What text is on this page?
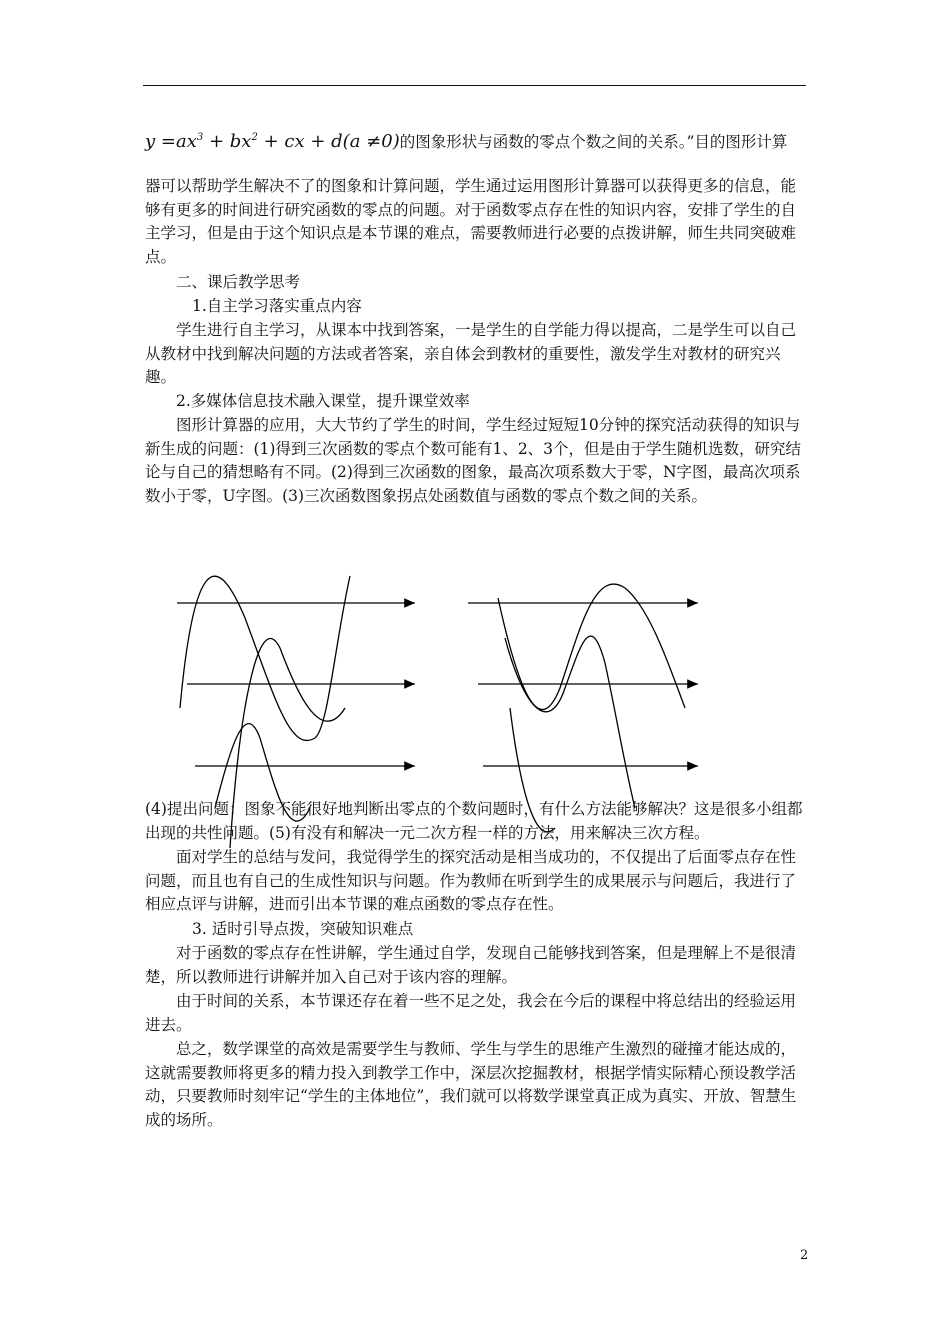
$y =ax^3 + bx^2$ + cx + d(a ≠0)的图象形状与函数的零点个数之间的关系。”目的图形计算

器可以帮助学生解决不了的图象和计算问题，学生通过运用图形计算器可以获得更多的信息，能够有更多的时间进行研究函数的零点的问题。对于函数零点存在性的知识内容，安排了学生的自主学习，但是由于这个知识点是本节课的难点，需要教师进行必要的点拨讲解，师生共同突破难点。

二、课后教学思考

1.自主学习落实重点内容

学生进行自主学习，从课本中找到答案，一是学生的自学能力得以提高，二是学生可以自己从教材中找到解决问题的方法或者答案，亲自体会到教材的重要性，激发学生对教材的研究兴趣。

2.多媒体信息技术融入课堂，提升课堂效率

图形计算器的应用，大大节约了学生的时间，学生经过短短10分钟的探究活动获得的知识与新生成的问题：(1)得到三次函数的零点个数可能有1、2、3个，但是由于学生随机选数，研究结论与自己的猜想略有不同。(2)得到三次函数的图象，最高次项系数大于零，N字图，最高次项系数小于零，U字图。(3)三次函数图象拐点处函数值与函数的零点个数之间的关系。

(4)提出问题：图象不能很好地判断出零点的个数问题时，有什么方法能够解决？这是很多小组都出现的共性问题。(5)有没有和解决一元二次方程一样的方法，用来解决三次方程。

面对学生的总结与发问，我觉得学生的探究活动是相当成功的，不仅提出了后面零点存在性问题，而且也有自己的生成性知识与问题。作为教师在听到学生的成果展示与问题后，我进行了相应点评与讲解，进而引出本节课的难点函数的零点存在性。

3. 适时引导点拨，突破知识难点

对于函数的零点存在性讲解，学生通过自学，发现自己能够找到答案，但是理解上不是很清楚，所以教师进行讲解并加入自己对于该内容的理解。

由于时间的关系，本节课还存在着一些不足之处，我会在今后的课程中将总结出的经验运用进去。

总之，数学课堂的高效是需要学生与教师、学生与学生的思维产生激烈的碰撞才能达成的，这就需要教师将更多的精力投入到教学工作中，深层次挖掘教材，根据学情实际精心预设教学活动，只要教师时刻牢记“学生的主体地位”，我们就可以将数学课堂真正成为真实、开放、智慧生成的场所。

2
